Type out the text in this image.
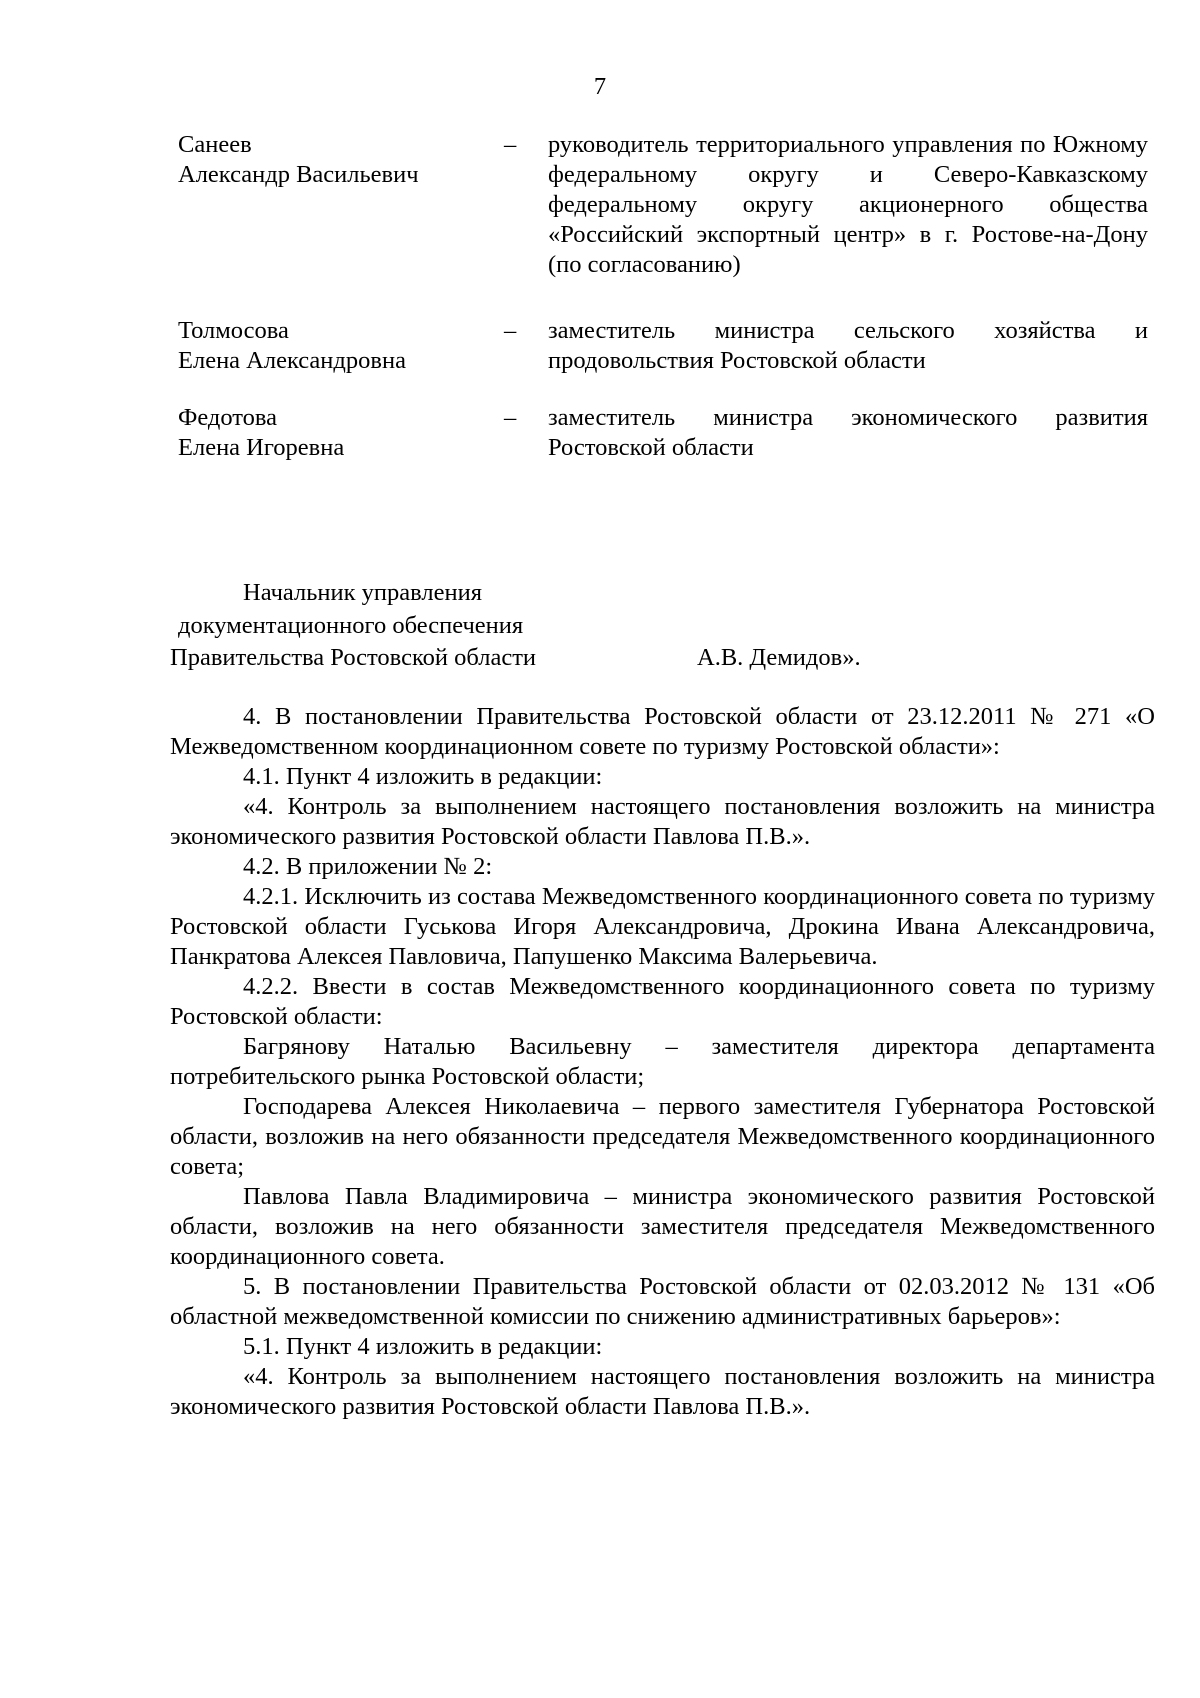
7
Санеев
Александр Васильевич
– руководитель территориального управления по Южному федеральному округу и Северо-Кавказскому федеральному округу акционерного общества «Российский экспортный центр» в г. Ростове-на-Дону (по согласованию)
Толмосова
Елена Александровна
– заместитель министра сельского хозяйства и продовольствия Ростовской области
Федотова
Елена Игоревна
– заместитель министра экономического развития Ростовской области
Начальник управления
документационного обеспечения
Правительства Ростовской области	А.В. Демидов».

4. В постановлении Правительства Ростовской области от 23.12.2011 № 271 «О Межведомственном координационном совете по туризму Ростовской области»:

4.1. Пункт 4 изложить в редакции:

«4. Контроль за выполнением настоящего постановления возложить на министра экономического развития Ростовской области Павлова П.В.».

4.2. В приложении № 2:

4.2.1. Исключить из состава Межведомственного координационного совета по туризму Ростовской области Гуськова Игоря Александровича, Дрокина Ивана Александровича, Панкратова Алексея Павловича, Папушенко Максима Валерьевича.

4.2.2. Ввести в состав Межведомственного координационного совета по туризму Ростовской области:

Багрянову Наталью Васильевну – заместителя директора департамента потребительского рынка Ростовской области;

Господарева Алексея Николаевича – первого заместителя Губернатора Ростовской области, возложив на него обязанности председателя Межведомственного координационного совета;

Павлова Павла Владимировича – министра экономического развития Ростовской области, возложив на него обязанности заместителя председателя Межведомственного координационного совета.

5. В постановлении Правительства Ростовской области от 02.03.2012 № 131 «Об областной межведомственной комиссии по снижению административных барьеров»:

5.1. Пункт 4 изложить в редакции:

«4. Контроль за выполнением настоящего постановления возложить на министра экономического развития Ростовской области Павлова П.В.».
